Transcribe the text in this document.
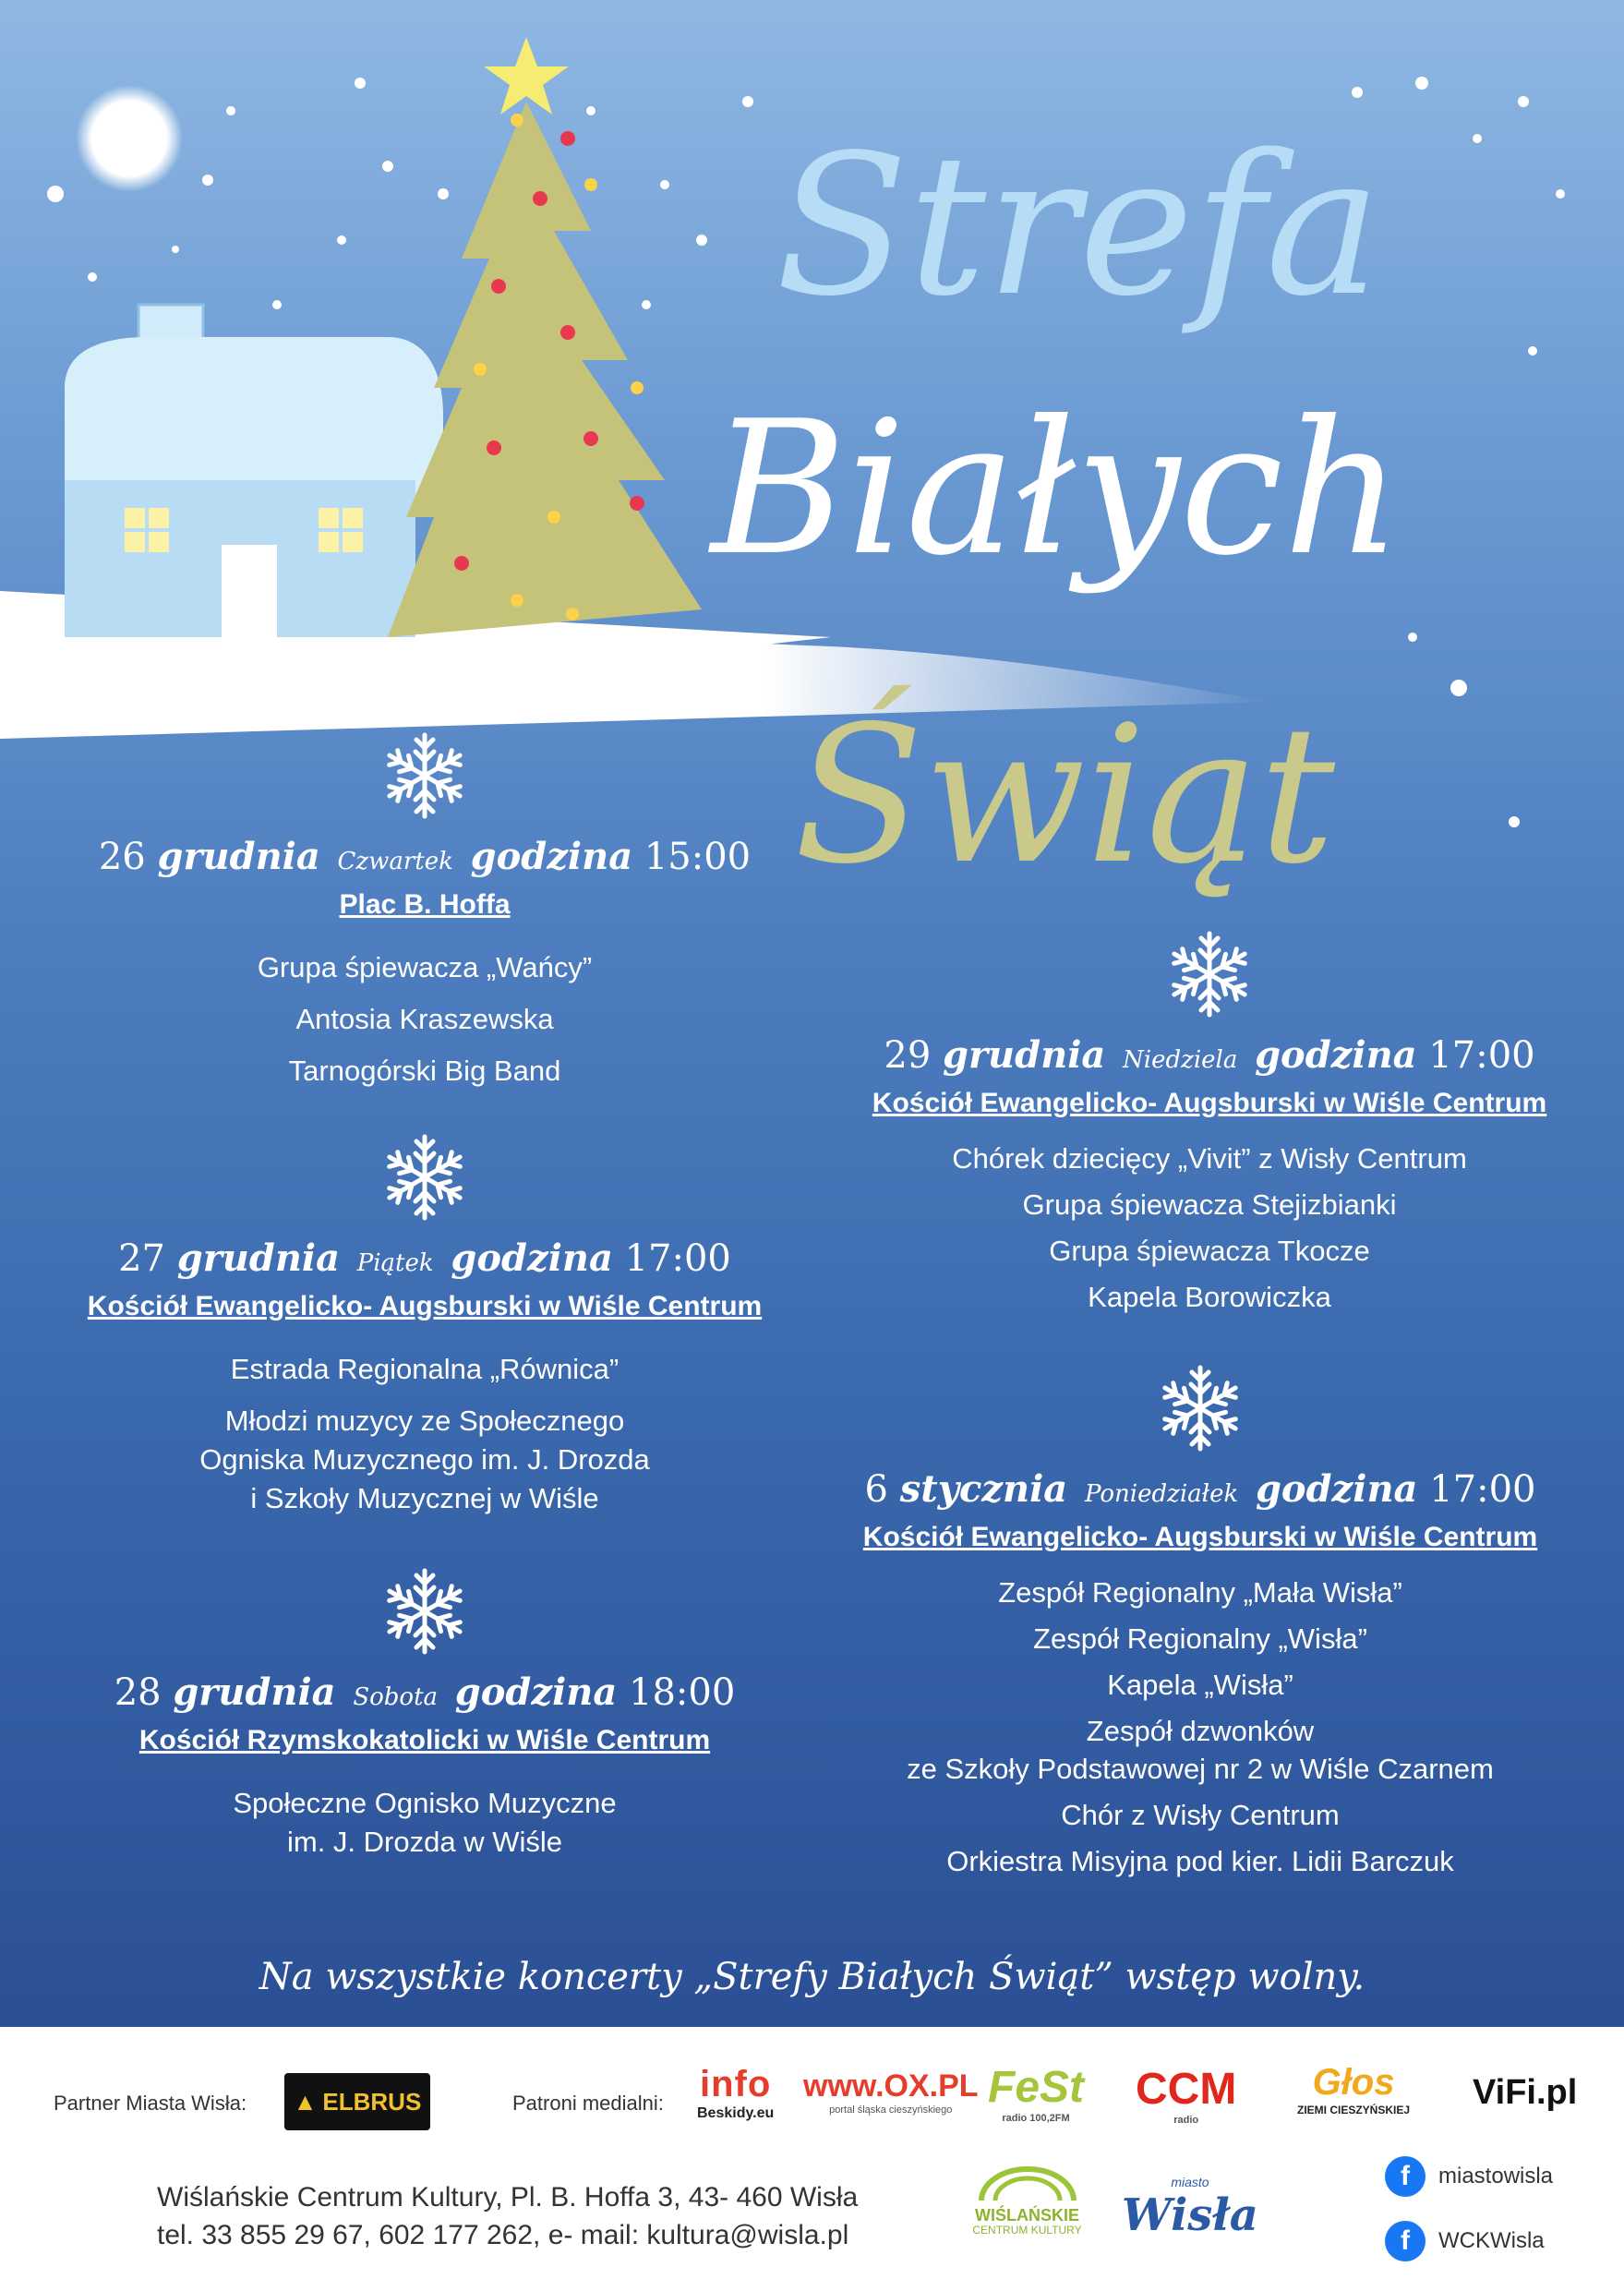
Strefa
Białych
Świąt
26 grudnia Czwartek godzina 15:00
Plac B. Hoffa
Grupa śpiewacza „Wańcy”
Antosia Kraszewska
Tarnogórski Big Band
27 grudnia Piątek godzina 17:00
Kościół Ewangelicko- Augsburski w Wiśle Centrum
Estrada Regionalna „Równica”
Młodzi muzycy ze Społecznego
Ogniska Muzycznego im. J. Drozda
i Szkoły Muzycznej w Wiśle
28 grudnia Sobota godzina 18:00
Kościół Rzymskokatolicki w Wiśle Centrum
Społeczne Ognisko Muzyczne
im. J. Drozda w Wiśle
29 grudnia Niedziela godzina 17:00
Kościół Ewangelicko- Augsburski w Wiśle Centrum
Chórek dziecięcy „Vivit” z Wisły Centrum
Grupa śpiewacza Stejizbianki
Grupa śpiewacza Tkocze
Kapela Borowiczka
6 stycznia Poniedziałek godzina 17:00
Kościół Ewangelicko- Augsburski w Wiśle Centrum
Zespół Regionalny „Mała Wisła”
Zespół Regionalny „Wisła”
Kapela „Wisła”
Zespół dzwonków
ze Szkoły Podstawowej nr 2 w Wiśle Czarnem
Chór z Wisły Centrum
Orkiestra Misyjna pod kier. Lidii Barczuk
Na wszystkie koncerty „Strefy Białych Świąt” wstęp wolny.
Partner Miasta Wisła: ▲ ELBRUS	Patroni medialni: info
Beskidy.eu
www.OX.PL
portal śląska cieszyńskiego FeSt
radio 100,2FM
CCM
radio
Głos
ZIEMI CIESZYŃSKIEJ ViFi.pl
Wiślańskie Centrum Kultury, Pl. B. Hoffa 3, 43- 460 Wisła
tel. 33 855 29 67, 602 177 262, e- mail: kultura@wisla.pl
WIŚLAŃSKIE
CENTRUM KULTURY
miasto
Wisła
f	miastowisla
f	WCKWisla
